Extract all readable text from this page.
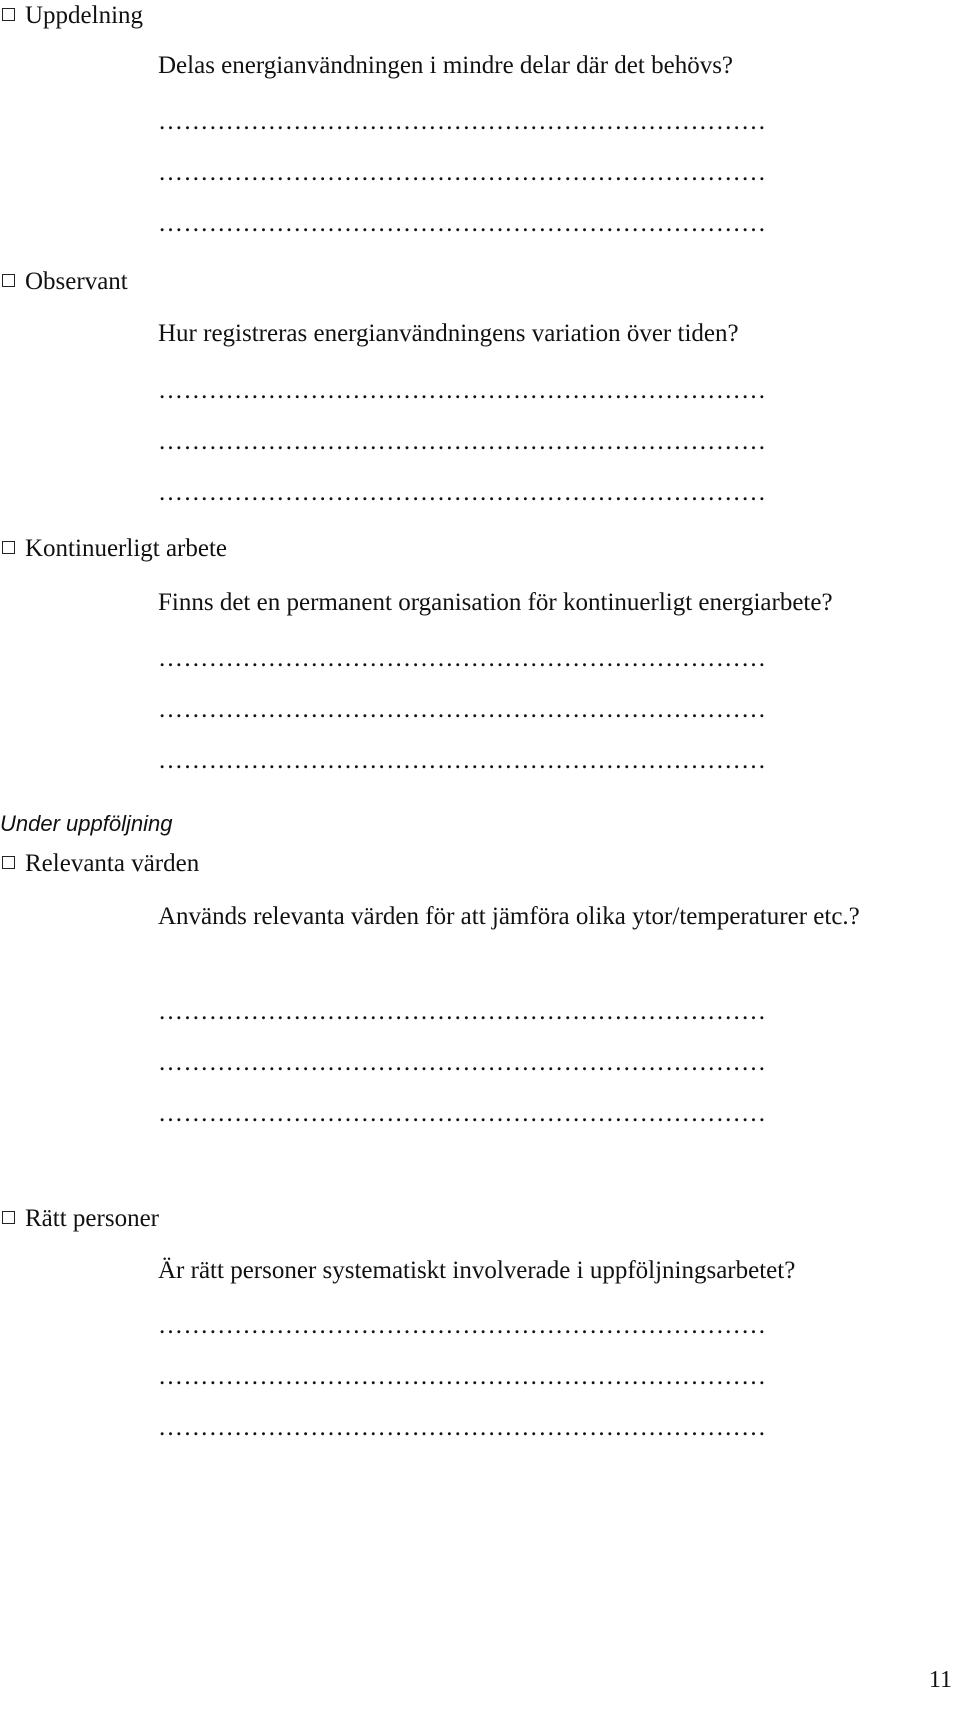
Uppdelning
Delas energianvändningen i mindre delar där det behövs?
………………………………………………………………
………………………………………………………………
………………………………………………………………
Observant
Hur registreras energianvändningens variation över tiden?
………………………………………………………………
………………………………………………………………
………………………………………………………………
Kontinuerligt arbete
Finns det en permanent organisation för kontinuerligt energiarbete?
………………………………………………………………
………………………………………………………………
………………………………………………………………
Under uppföljning
Relevanta värden
Används relevanta värden för att jämföra olika ytor/temperaturer etc.?
………………………………………………………………
………………………………………………………………
………………………………………………………………
Rätt personer
Är rätt personer systematiskt involverade i uppföljningsarbetet?
………………………………………………………………
………………………………………………………………
………………………………………………………………
11
